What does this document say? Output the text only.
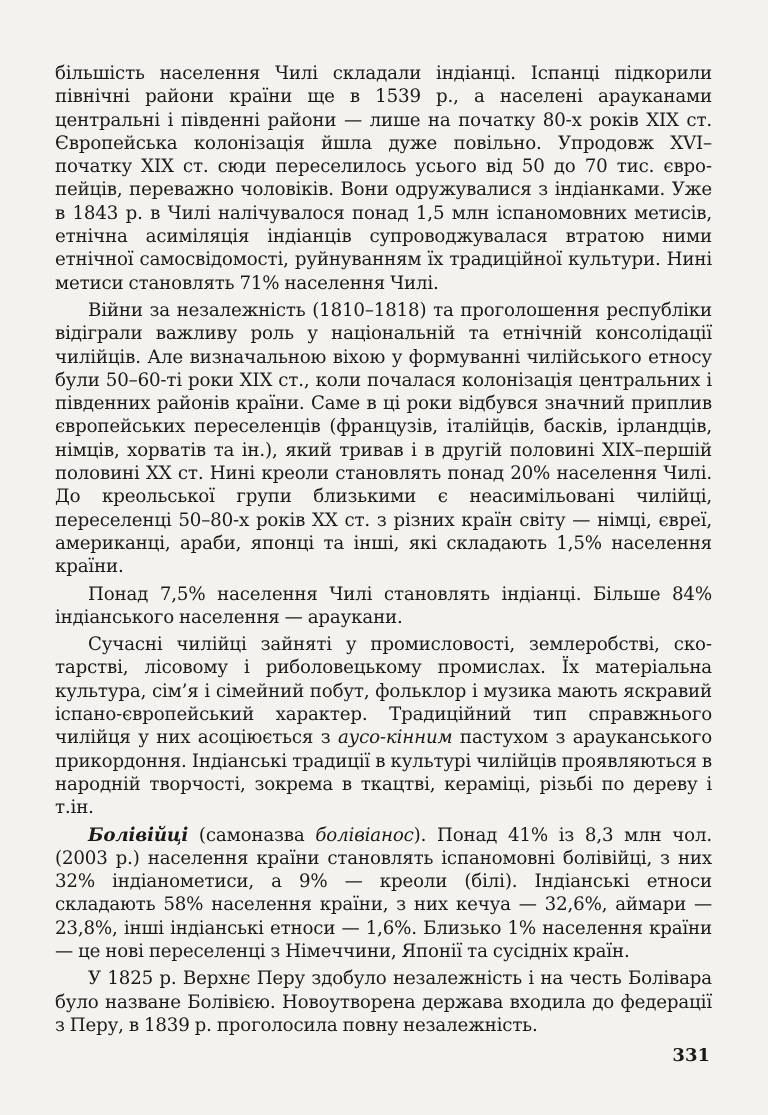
більшість населення Чилі складали індіанці. Іспанці підкорили північні райони країни ще в 1539 р., а населені арауканами центральні і південні райони — лише на початку 80-х років XIX ст. Європейська колонізація йшла дуже повільно. Упродовж XVI– початку XIX ст. сюди переселилось усього від 50 до 70 тис. європейців, переважно чоловіків. Вони одружувалися з індіанками. Уже в 1843 р. в Чилі налічувалося понад 1,5 млн іспаномовних метисів, етнічна асиміляція індіанців супроводжувалася втратою ними етнічної самосвідомості, руйнуванням їх традиційної культури. Нині метиси становлять 71% населення Чилі.

Війни за незалежність (1810–1818) та проголошення республіки відіграли важливу роль у національній та етнічній консолідації чилійців. Але визначальною віхою у формуванні чилійського етносу були 50–60-ті роки XIX ст., коли почалася колонізація центральних і південних районів країни. Саме в ці роки відбувся значний приплив європейських переселенців (французів, італійців, басків, ірландців, німців, хорватів та ін.), який тривав і в другій половині XIX–першій половині XX ст. Нині креоли становлять понад 20% населення Чилі. До креольської групи близькими є неасимільовані чилійці, переселенці 50–80-х років XX ст. з різних країн світу — німці, євреї, американці, араби, японці та інші, які складають 1,5% населення країни.

Понад 7,5% населення Чилі становлять індіанці. Більше 84% індіанського населення — араукани.

Сучасні чилійці зайняті у промисловості, землеробстві, скотарстві, лісовому і риболовецькому промислах. Їх матеріальна культура, сім’я і сімейний побут, фольклор і музика мають яскравий іспано-європейський характер. Традиційний тип справжнього чилійця у них асоціюється з аусо-кінним пастухом з арауканського прикордоння. Індіанські традиції в культурі чилійців проявляються в народній творчості, зокрема в ткацтві, кераміці, різьбі по дереву і т.ін.

Болівійці (самоназва болівіанос). Понад 41% із 8,3 млн чол. (2003 р.) населення країни становлять іспаномовні болівійці, з них 32% індіанометиси, а 9% — креоли (білі). Індіанські етноси складають 58% населення країни, з них кечуа — 32,6%, аймари — 23,8%, інші індіанські етноси — 1,6%. Близько 1% населення країни — це нові переселенці з Німеччини, Японії та сусідніх країн.

У 1825 р. Верхнє Перу здобуло незалежність і на честь Болівара було назване Болівією. Новоутворена держава входила до федерації з Перу, в 1839 р. проголосила повну незалежність.

331
